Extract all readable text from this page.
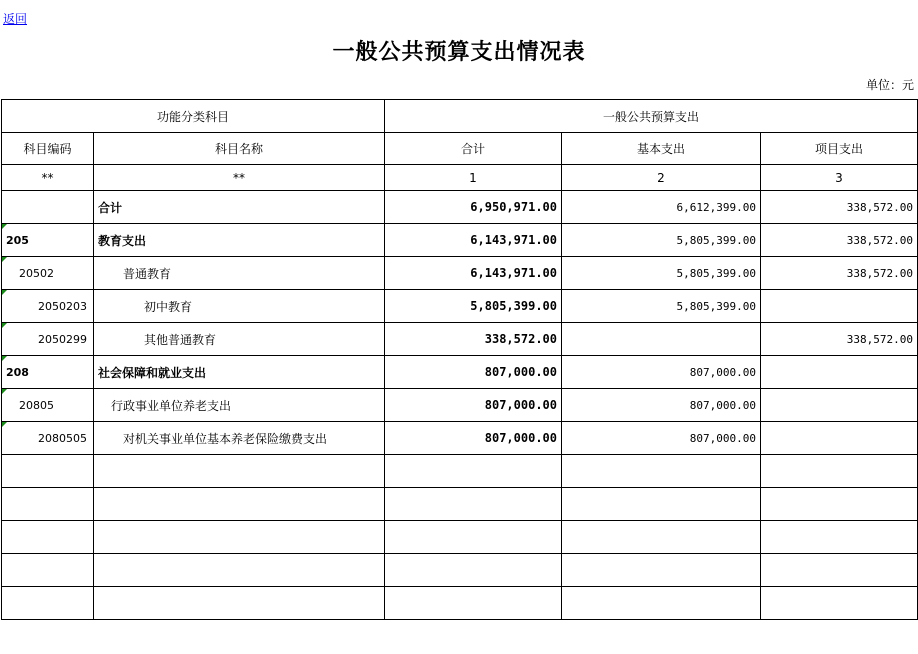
返回
一般公共预算支出情况表
单位：元
功能分类科目		一般公共预算支出		
科目编码	科目名称	合计	基本支出	项目支出
**	**	1	2	3
	合计	6,950,971.00	6,612,399.00	338,572.00

205	教育支出	6,143,971.00	5,805,399.00	338,572.00

20502	普通教育	6,143,971.00	5,805,399.00	338,572.00

2050203	初中教育	5,805,399.00	5,805,399.00	

2050299	其他普通教育	338,572.00		338,572.00

208	社会保障和就业支出	807,000.00	807,000.00	

20805	行政事业单位养老支出	807,000.00	807,000.00	

2080505	对机关事业单位基本养老保险缴费支出	807,000.00	807,000.00	
